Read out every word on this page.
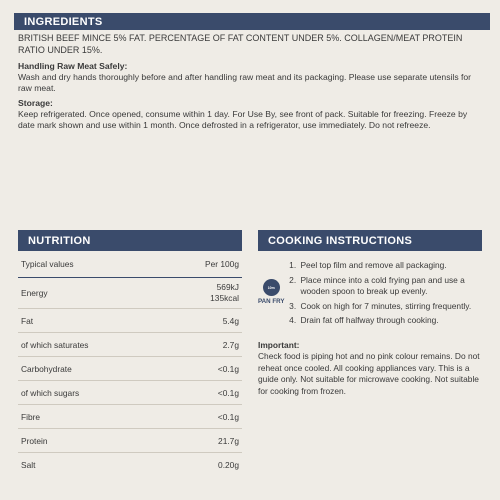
INGREDIENTS
BRITISH BEEF MINCE 5% FAT. PERCENTAGE OF FAT CONTENT UNDER 5%. COLLAGEN/MEAT PROTEIN RATIO UNDER 15%.
Handling Raw Meat Safely:
Wash and dry hands thoroughly before and after handling raw meat and its packaging. Please use separate utensils for raw meat.
Storage:
Keep refrigerated. Once opened, consume within 1 day. For Use By, see front of pack. Suitable for freezing. Freeze by date mark shown and use within 1 month. Once defrosted in a refrigerator, use immediately. Do not refreeze.
NUTRITION
Typical values	Per 100g
Energy	569kJ
135kcal

Fat	5.4g
of which saturates	2.7g
Carbohydrate	<0.1g
of which sugars	<0.1g
Fibre	<0.1g
Protein	21.7g
Salt	0.20g
COOKING INSTRUCTIONS
10m
PAN FRY
1. Peel top film and remove all packaging.
2. Place mince into a cold frying pan and use a wooden spoon to break up evenly.
3. Cook on high for 7 minutes, stirring frequently.
4. Drain fat off halfway through cooking.
Important:
Check food is piping hot and no pink colour remains. Do not reheat once cooled. All cooking appliances vary. This is a guide only. Not suitable for microwave cooking. Not suitable for cooking from frozen.
